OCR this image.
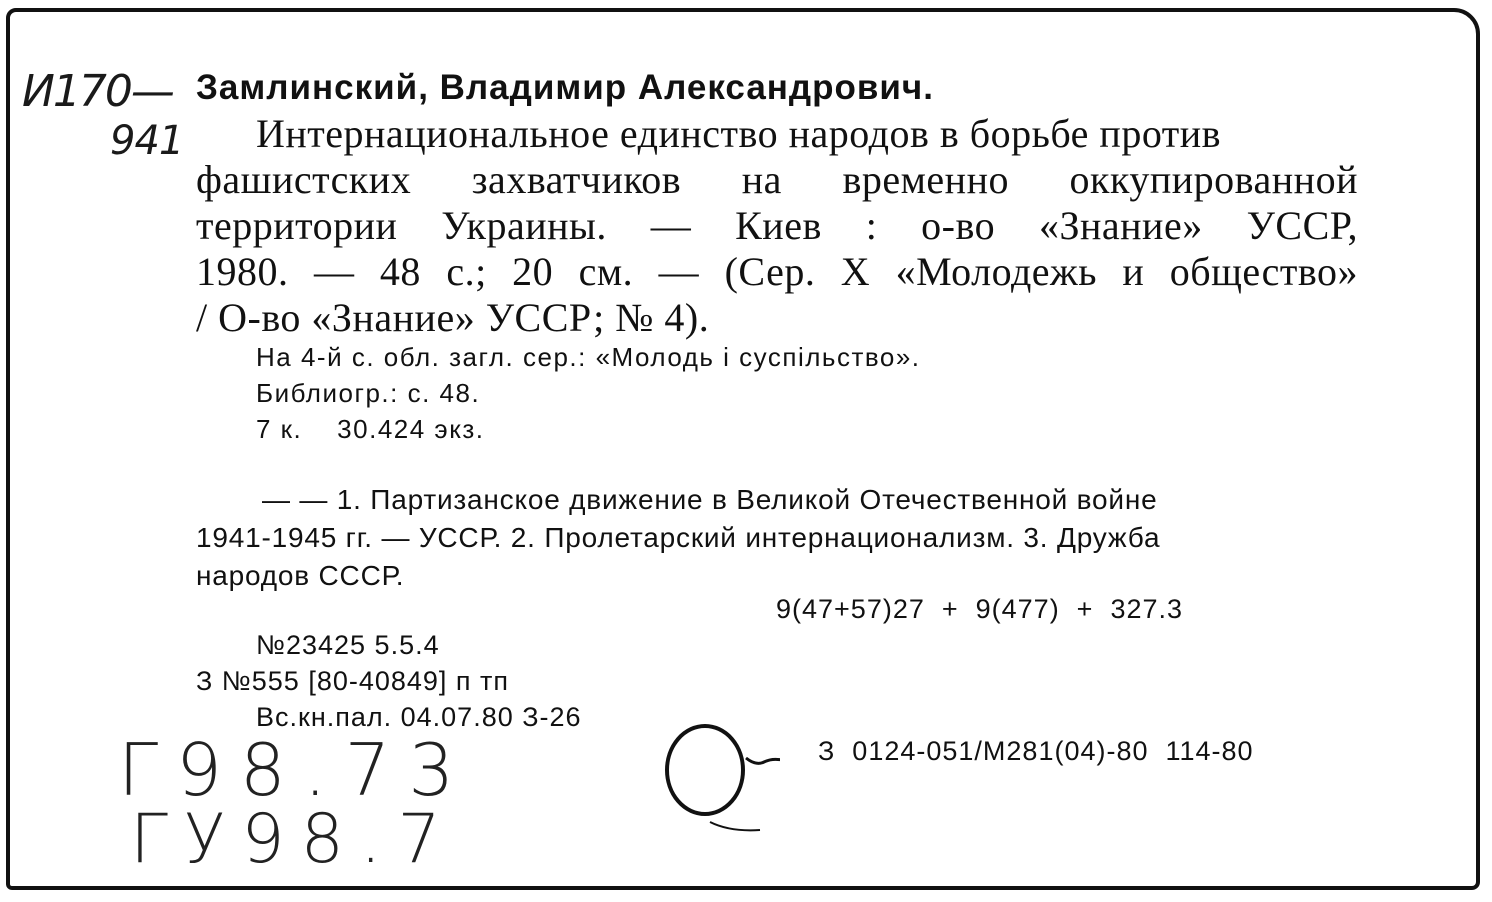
И170—
941
Замлинский, Владимир Александрович.
Интернациональное единство народов в борьбе против
фашистских захватчиков на временно оккупированной
территории Украины. — Киев : о-во «Знание» УССР,
1980. — 48 с.; 20 см. — (Сер. X «Молодежь и общество»
/ О-во «Знание» УССР; № 4).
На 4-й с. обл. загл. сер.: «Молодь і суспільство».
Библиогр.: с. 48.
7 к.    30.424 экз.
— — 1. Партизанское движение в Великой Отечественной войне
1941-1945 гг. — УССР. 2. Пролетарский интернационализм. 3. Дружба
народов СССР.
9(47+57)27  +  9(477)  +  327.3
№23425 5.5.4
З №555 [80-40849] п тп
Вс.кн.пал. 04.07.80 З-26
З  0124-051/М281(04)-80  114-80
Г98.73
ГУ98.7
